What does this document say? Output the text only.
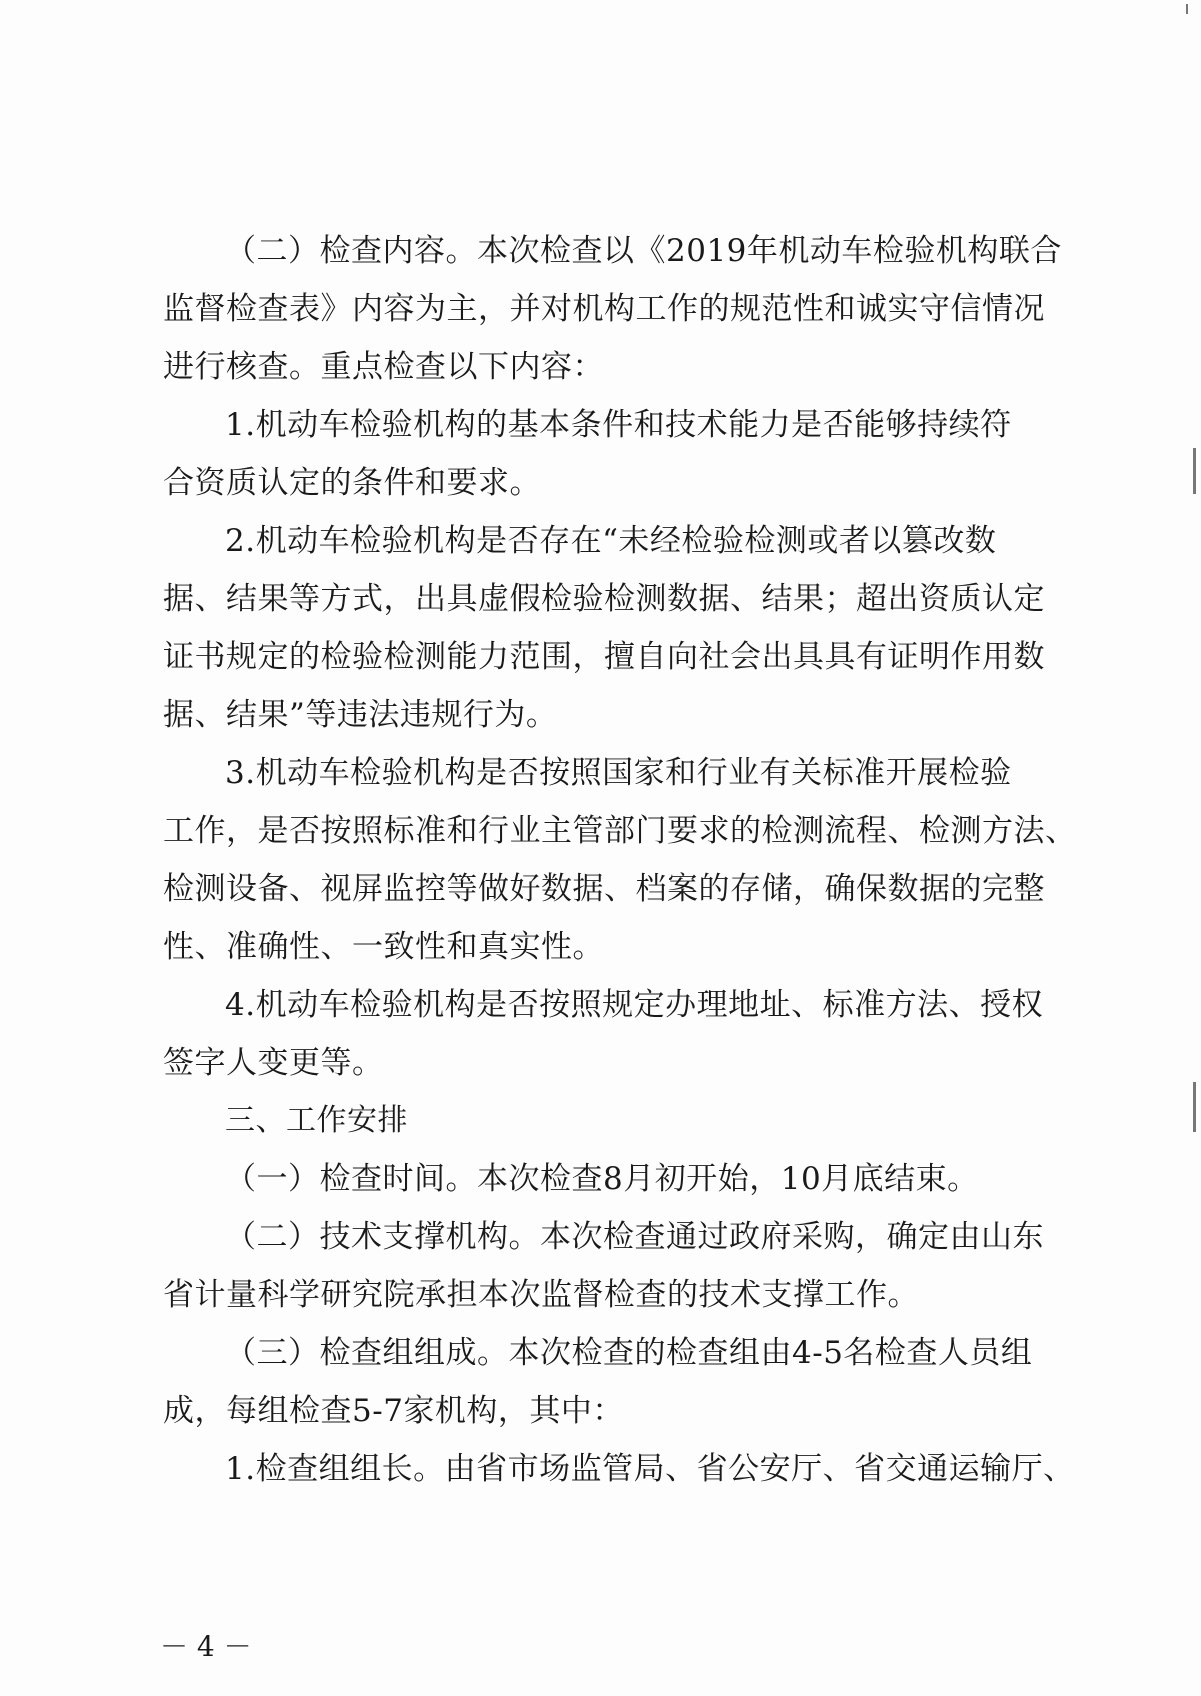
（二）检查内容。本次检查以《2019年机动车检验机构联合
监督检查表》内容为主，并对机构工作的规范性和诚实守信情况
进行核查。重点检查以下内容：
1.机动车检验机构的基本条件和技术能力是否能够持续符
合资质认定的条件和要求。
2.机动车检验机构是否存在“未经检验检测或者以篡改数
据、结果等方式，出具虚假检验检测数据、结果；超出资质认定
证书规定的检验检测能力范围，擅自向社会出具具有证明作用数
据、结果”等违法违规行为。
3.机动车检验机构是否按照国家和行业有关标准开展检验
工作，是否按照标准和行业主管部门要求的检测流程、检测方法、
检测设备、视屏监控等做好数据、档案的存储，确保数据的完整
性、准确性、一致性和真实性。
4.机动车检验机构是否按照规定办理地址、标准方法、授权
签字人变更等。
三、工作安排
（一）检查时间。本次检查8月初开始，10月底结束。
（二）技术支撑机构。本次检查通过政府采购，确定由山东
省计量科学研究院承担本次监督检查的技术支撑工作。
（三）检查组组成。本次检查的检查组由4-5名检查人员组
成，每组检查5-7家机构，其中：
1.检查组组长。由省市场监管局、省公安厅、省交通运输厅、
－ 4 －
